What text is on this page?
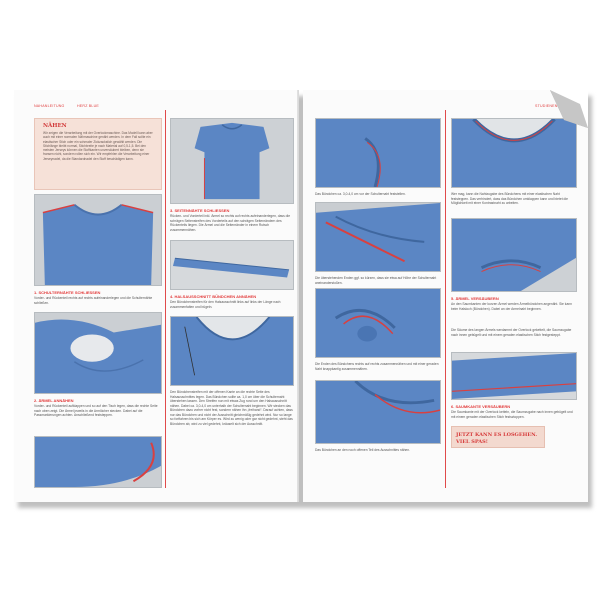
NAHANLEITUNG	HERZ BLUE
NÄHEN
Wir zeigen die Verarbeitung mit der Overlockmaschine. Das Modell kann aber auch mit einer normalen Nähmaschine genäht werden. In dem Fall sollte ein elastischer Stich oder ein schmaler Zickzackstich gewählt werden. Die Stichlänge bleibt normal, Stichbreite je nach Material auf 0,5-1,5. Bei den meisten Jerseys können die Stoffkanten unversäubert bleiben, denn sie fransen nicht, sondern rollen sich ein. Wir empfehlen die Verarbeitung einer Jerseynadel, da die Standardnadel den Stoff beschädigen kann.
1. SCHULTERNÄHTE SCHLIESSEN
Vorder- und Rückenteil rechts auf rechts aufeinanderlegen und die Schulternähte schließen.
2. ÄRMEL ANNÄHEN
Vorder- und Rückenteil aufklappen und so auf den Tisch legen, dass die rechte Seite nach oben zeigt. Die Ärmel jeweils in die Armlöcher stecken. Dabei auf die Passmarkierungen achten. Anschließend feststeppen.
3. SEITENNÄHTE SCHLIESSEN
Rücken- und Vorderteil inkl. Ärmel so rechts auf rechts aufeinanderlegen, dass die schrägen Seitenstreifen des Vorderteils auf den schrägen Seitenrändern des Rückenteils liegen. Die Ärmel und die Seitenränder in einem Rutsch zusammennähen.
4. HALSAUSSCHNITT BÜNDCHEN ANNÄHEN
Den Bündchenstreifen für den Halsausschnitt links auf links der Länge nach zusammenfalten und bügeln.
Den Bündchenstreifen mit der offenen Kante an die rechte Seite des Halsausschnittes legen. Das Bündchen sollte ca. 1,0 cm über die Schulternaht überstehen lassen. Den Streifen nun mit etwas Zug rund um den Halsausschnitt nähen. Dabei ca. 3,0-4,0 cm unterhalb der Schulternaht beginnen. Wir stecken das Bündchen dazu vorher nicht fest, sondern nähen ihn „freihand“. Darauf achten, dass nur das Bündchen und nicht der Ausschnitt gleichmäßig gedehnt wird. Nur so lange so fortfahren bis sich am Körper es. Wird zu wenig oder gar nicht gedehnt, steht das Bündchen ab, wird zu viel gedehnt, kräuselt sich der Ausschnitt.
STUDIENEN
Das Bündchen ca. 3,0-4,0 cm vor der Schulternaht feststellen.
Die überstehenden Enden ggf. so kürzen, dass sie etwa auf Höhe der Schulternaht aneinanderstoßen.
Die Enden des Bündchens rechts auf rechts zusammennähen und mit einer geraden Naht knappkantig zusammennähen.
Das Bündchen an den noch offenen Teil des Ausschnittes nähen.
Wer mag, kann die Nahtzugabe des Bündchens mit einer elastischen Naht feststeppen. Das verhindert, dass das Bündchen umklappen kann und bietet die Möglichkeit mit einer Kontrastnaht zu arbeiten.
5. ÄRMEL VERSÄUBERN
An den Saumkanten der kurzen Ärmel werden Ärmelbündchen angenäht. Sie kann beim Halsloch (Bündchen). Dabei an der Armelnaht beginnen.
Die Säume des langen Ärmels werdammt der Overlock gekettelt, die Saumzugabe nach innen gebügelt und mit einem geraden elastischen Stich festgesteppt.
6. SAUMKANTE VERSÄUBERN
Die Saumkante mit der Overlock ketteln, die Saumzugabe nach innen gebügelt und mit einem geraden elastischen Stich festsztoppen.
JETZT KANN ES LOSGEHEN.
VIEL SPAS!
